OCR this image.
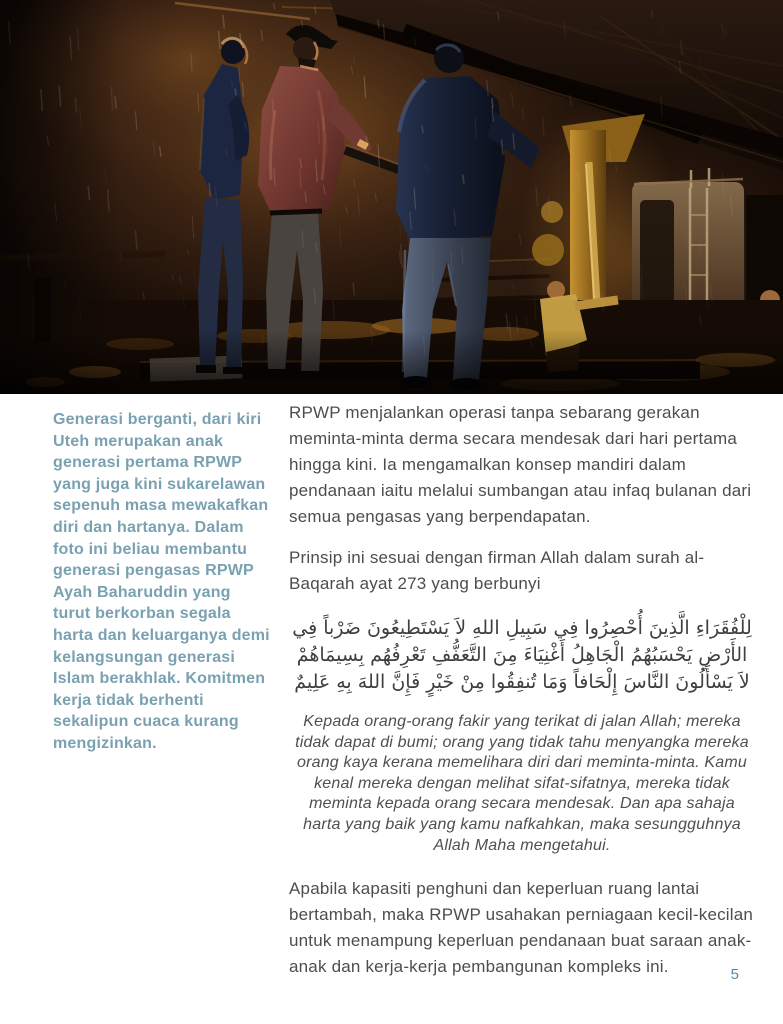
Generasi berganti, dari kiri Uteh merupakan anak generasi pertama RPWP yang juga kini sukarelawan sepenuh masa mewakafkan diri dan hartanya. Dalam foto ini beliau membantu generasi pengasas RPWP Ayah Baharuddin yang turut berkorban segala harta dan keluarganya demi kelangsungan generasi Islam berakhlak. Komitmen kerja tidak berhenti sekalipun cuaca kurang mengizinkan.

RPWP menjalankan operasi tanpa sebarang gerakan meminta-minta derma secara mendesak dari hari pertama hingga kini. Ia mengamalkan konsep mandiri dalam pendanaan iaitu melalui sumbangan atau infaq bulanan dari semua pengasas yang berpendapatan.

Prinsip ini sesuai dengan firman Allah dalam surah al-Baqarah ayat 273 yang berbunyi

لِلْفُقَرَاءِ الَّذِينَ أُحْصِرُوا فِي سَبِيلِ اللهِ لاَ يَسْتَطِيعُونَ ضَرْباً فِي الأَرْضِ يَحْسَبُهُمُ الْجَاهِلُ أَغْنِيَاءَ مِنَ التَّعَفُّفِ تَعْرِفُهُم بِسِيمَاهُمْ لاَ يَسْأَلُونَ النَّاسَ إِلْحَافاً وَمَا تُنفِقُوا مِنْ خَيْرٍ فَإِنَّ اللهَ بِهِ عَلِيمٌ

Kepada orang-orang fakir yang terikat di jalan Allah; mereka tidak dapat di bumi; orang yang tidak tahu menyangka mereka orang kaya kerana memelihara diri dari meminta-minta. Kamu kenal mereka dengan melihat sifat-sifatnya, mereka tidak meminta kepada orang secara mendesak. Dan apa sahaja harta yang baik yang kamu nafkahkan, maka sesungguhnya Allah Maha mengetahui.

Apabila kapasiti penghuni dan keperluan ruang lantai bertambah, maka RPWP usahakan perniagaan kecil-kecilan untuk menampung keperluan pendanaan buat saraan anak-anak dan kerja-kerja pembangunan kompleks ini.	5
